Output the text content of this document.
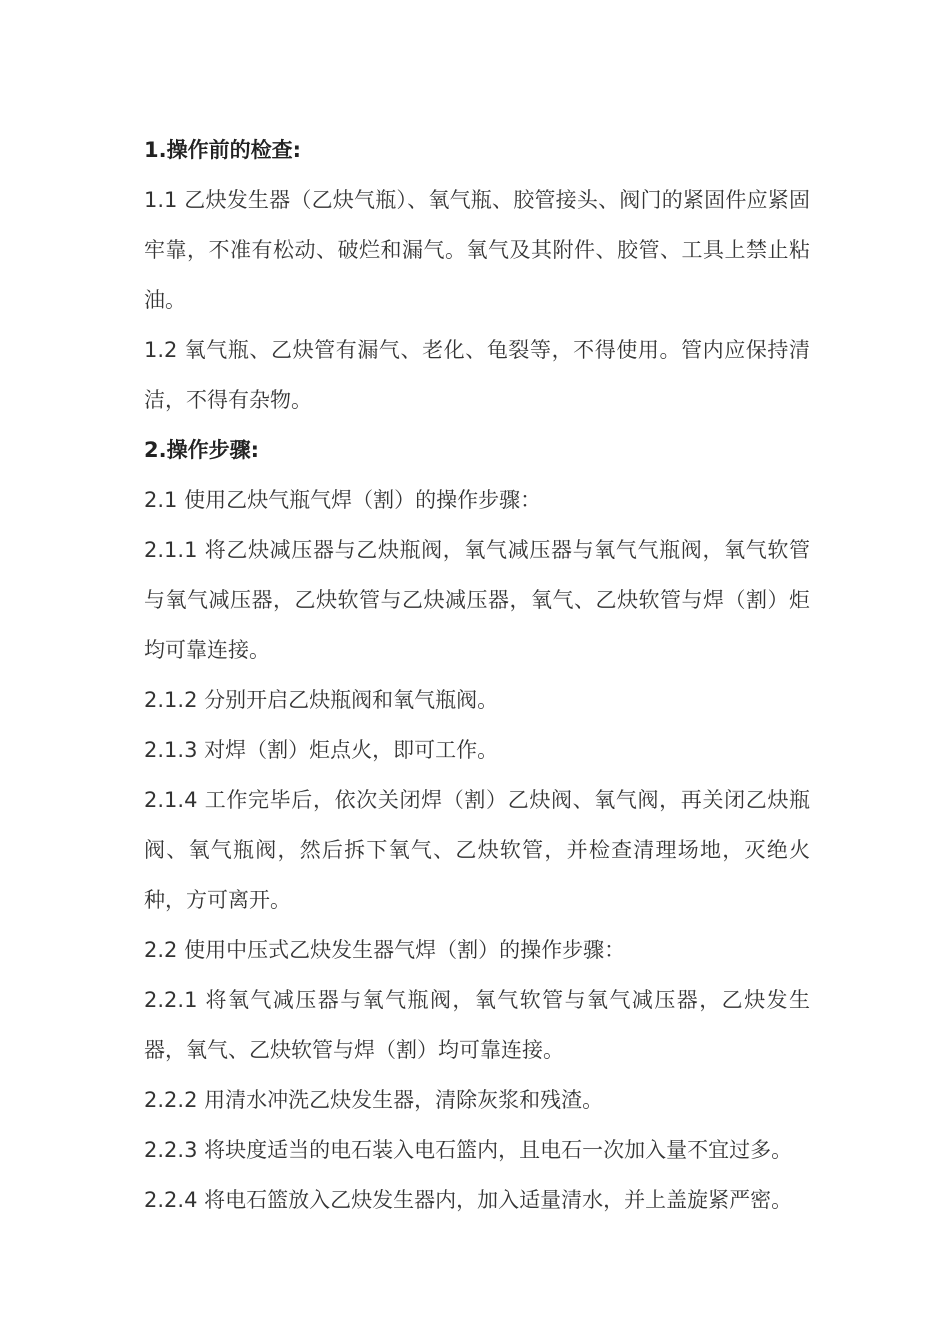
1.操作前的检查:

1.1 乙炔发生器（乙炔气瓶）、氧气瓶、胶管接头、阀门的紧固件应紧固牢靠，不准有松动、破烂和漏气。氧气及其附件、胶管、工具上禁止粘油。

1.2 氧气瓶、乙炔管有漏气、老化、龟裂等，不得使用。管内应保持清洁，不得有杂物。

2.操作步骤:

2.1 使用乙炔气瓶气焊（割）的操作步骤：

2.1.1 将乙炔减压器与乙炔瓶阀，氧气减压器与氧气气瓶阀，氧气软管与氧气减压器，乙炔软管与乙炔减压器，氧气、乙炔软管与焊（割）炬均可靠连接。

2.1.2 分别开启乙炔瓶阀和氧气瓶阀。

2.1.3 对焊（割）炬点火，即可工作。

2.1.4 工作完毕后，依次关闭焊（割）乙炔阀、氧气阀，再关闭乙炔瓶阀、氧气瓶阀，然后拆下氧气、乙炔软管，并检查清理场地，灭绝火种，方可离开。

2.2 使用中压式乙炔发生器气焊（割）的操作步骤：

2.2.1 将氧气减压器与氧气瓶阀，氧气软管与氧气减压器，乙炔发生器，氧气、乙炔软管与焊（割）均可靠连接。

2.2.2 用清水冲洗乙炔发生器，清除灰浆和残渣。

2.2.3 将块度适当的电石装入电石篮内，且电石一次加入量不宜过多。

2.2.4 将电石篮放入乙炔发生器内，加入适量清水，并上盖旋紧严密。
